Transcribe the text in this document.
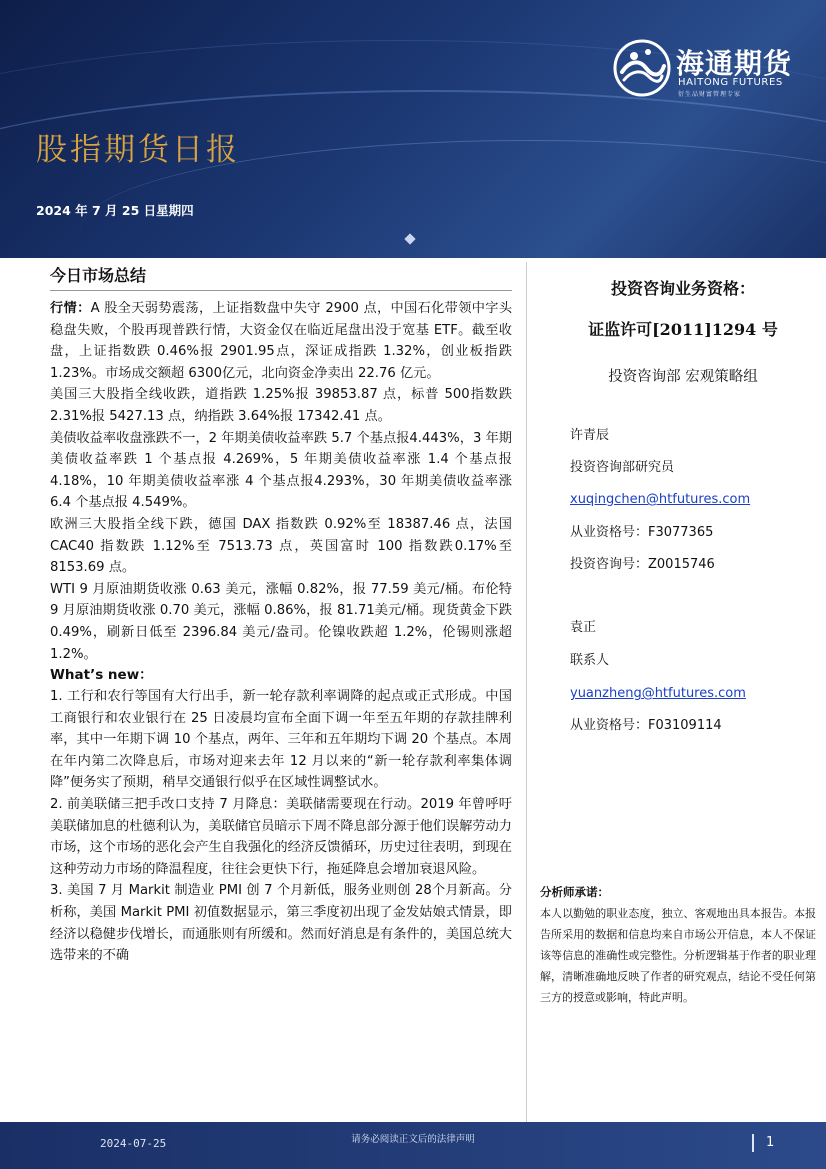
海通期货
HAITONG FUTURES
衍生品财富管理专家
股指期货日报
2024 年 7 月 25 日星期四
今日市场总结

行情：A 股全天弱势震荡，上证指数盘中失守 2900 点，中国石化带领中字头稳盘失败，个股再现普跌行情，大资金仅在临近尾盘出没于宽基 ETF。截至收盘，上证指数跌 0.46%报 2901.95点，深证成指跌 1.32%，创业板指跌 1.23%。市场成交额超 6300亿元，北向资金净卖出 22.76 亿元。

美国三大股指全线收跌，道指跌 1.25%报 39853.87 点，标普 500指数跌 2.31%报 5427.13 点，纳指跌 3.64%报 17342.41 点。

美债收益率收盘涨跌不一，2 年期美债收益率跌 5.7 个基点报4.443%，3 年期美债收益率跌 1 个基点报 4.269%，5 年期美债收益率涨 1.4 个基点报 4.18%，10 年期美债收益率涨 4 个基点报4.293%，30 年期美债收益率涨 6.4 个基点报 4.549%。

欧洲三大股指全线下跌，德国 DAX 指数跌 0.92%至 18387.46 点，法国 CAC40 指数跌 1.12%至 7513.73 点，英国富时 100 指数跌0.17%至 8153.69 点。

WTI 9 月原油期货收涨 0.63 美元，涨幅 0.82%，报 77.59 美元/桶。布伦特 9 月原油期货收涨 0.70 美元，涨幅 0.86%，报 81.71美元/桶。现货黄金下跌 0.49%，刷新日低至 2396.84 美元/盎司。伦镍收跌超 1.2%，伦锡则涨超 1.2%。

What’s new：

1. 工行和农行等国有大行出手，新一轮存款利率调降的起点或正式形成。中国工商银行和农业银行在 25 日凌晨均宣布全面下调一年至五年期的存款挂牌利率，其中一年期下调 10 个基点，两年、三年和五年期均下调 20 个基点。本周在年内第二次降息后，市场对迎来去年 12 月以来的“新一轮存款利率集体调降”便务实了预期，稍早交通银行似乎在区域性调整试水。

2. 前美联储三把手改口支持 7 月降息：美联储需要现在行动。2019 年曾呼吁美联储加息的杜德利认为，美联储官员暗示下周不降息部分源于他们误解劳动力市场，这个市场的恶化会产生自我强化的经济反馈循环，历史过往表明，到现在这种劳动力市场的降温程度，往往会更快下行，拖延降息会增加衰退风险。

3. 美国 7 月 Markit 制造业 PMI 创 7 个月新低，服务业则创 28个月新高。分析称，美国 Markit PMI 初值数据显示，第三季度初出现了金发姑娘式情景，即经济以稳健步伐增长，而通胀则有所缓和。然而好消息是有条件的，美国总统大选带来的不确

投资咨询业务资格：
证监许可[2011]1294 号
投资咨询部 宏观策略组
许青辰
投资咨询部研究员
xuqingchen@htfutures.com
从业资格号：F3077365
投资咨询号：Z0015746
袁正
联系人
yuanzheng@htfutures.com
从业资格号：F03109114
分析师承诺：
本人以勤勉的职业态度，独立、客观地出具本报告。本报告所采用的数据和信息均来自市场公开信息，本人不保证该等信息的准确性或完整性。分析逻辑基于作者的职业理解，清晰准确地反映了作者的研究观点，结论不受任何第三方的授意或影响，特此声明。
请务必阅读正文后的法律声明
2024-07-25	1
